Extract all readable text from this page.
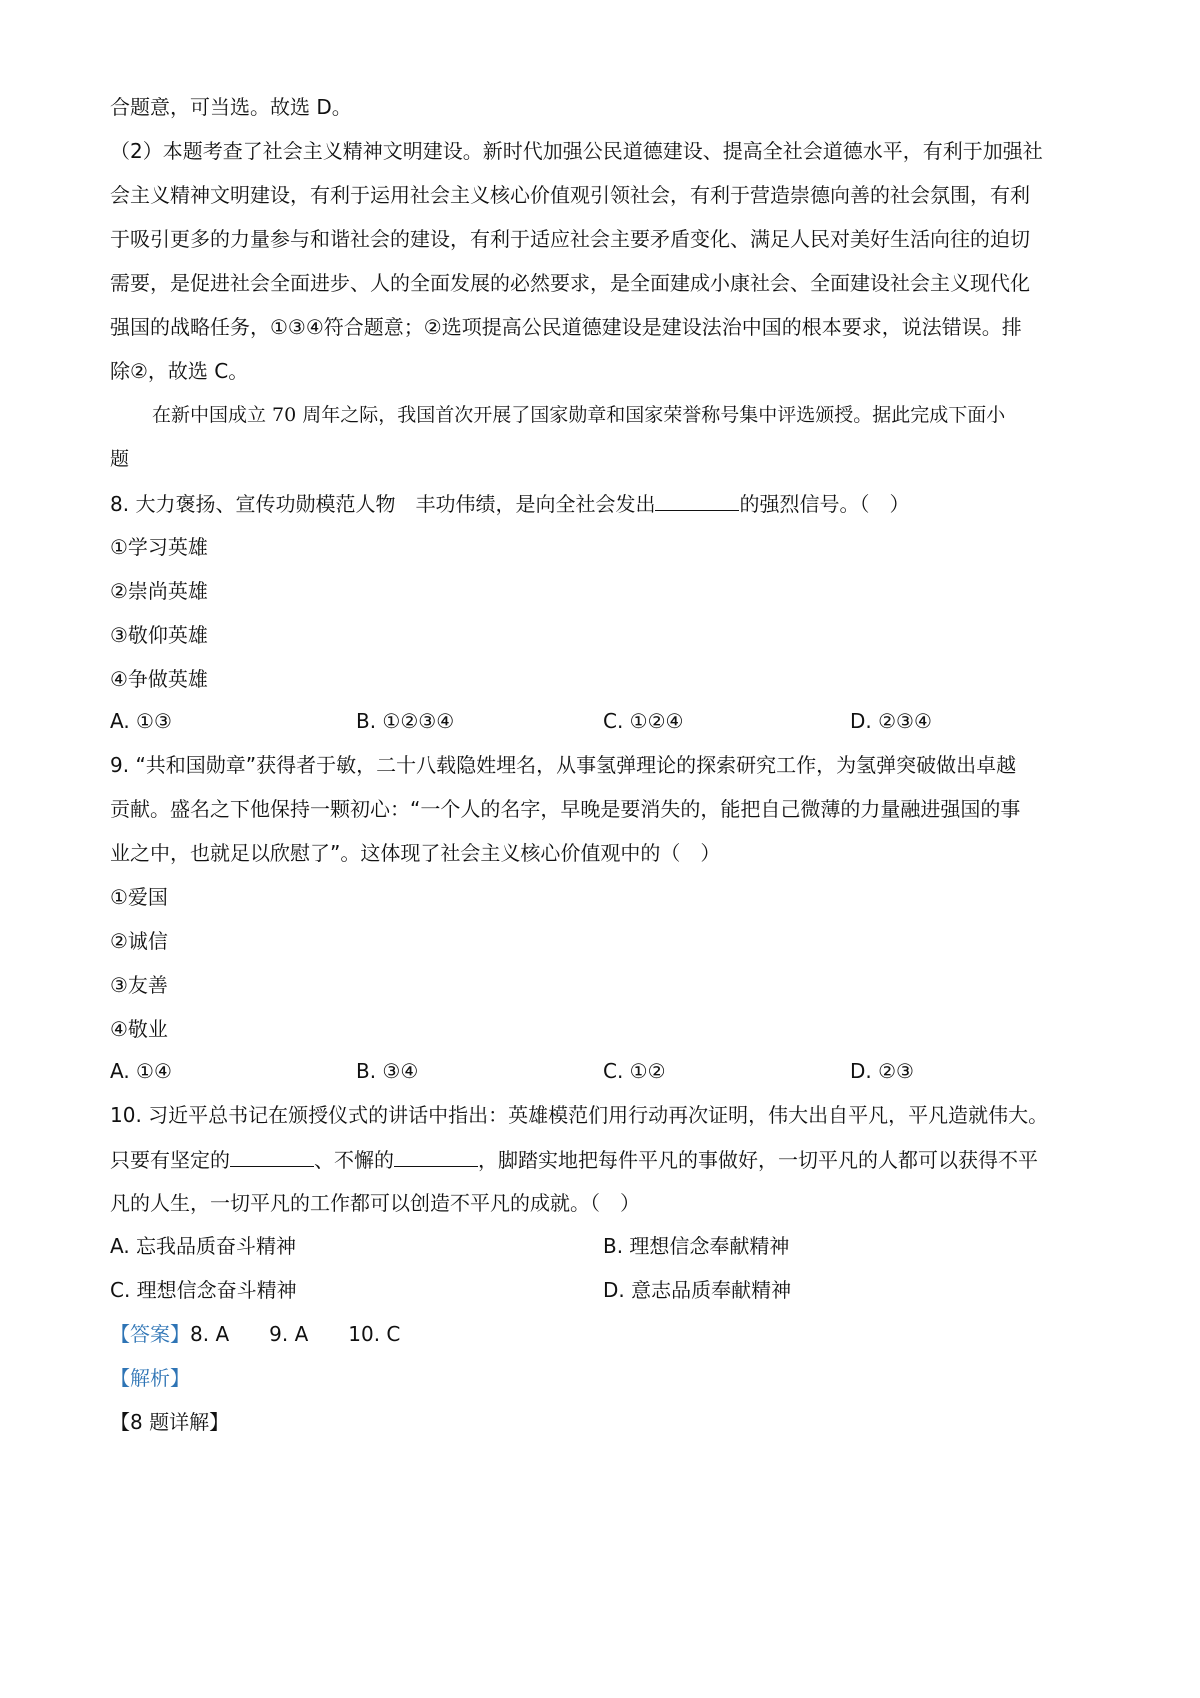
合题意，可当选。故选 D。
（2）本题考查了社会主义精神文明建设。新时代加强公民道德建设、提高全社会道德水平，有利于加强社
会主义精神文明建设，有利于运用社会主义核心价值观引领社会，有利于营造崇德向善的社会氛围，有利
于吸引更多的力量参与和谐社会的建设，有利于适应社会主要矛盾变化、满足人民对美好生活向往的迫切
需要，是促进社会全面进步、人的全面发展的必然要求，是全面建成小康社会、全面建设社会主义现代化
强国的战略任务，①③④符合题意；②选项提高公民道德建设是建设法治中国的根本要求，说法错误。排
除②，故选 C。
在新中国成立 70 周年之际，我国首次开展了国家勋章和国家荣誉称号集中评选颁授。据此完成下面小
题
8. 大力褒扬、宣传功勋模范人物　丰功伟绩，是向全社会发出	的强烈信号。（　）
①学习英雄
②崇尚英雄
③敬仰英雄
④争做英雄
A. ①③	B. ①②③④	C. ①②④	D. ②③④
9. “共和国勋章”获得者于敏，二十八载隐姓埋名，从事氢弹理论的探索研究工作，为氢弹突破做出卓越
贡献。盛名之下他保持一颗初心：“一个人的名字，早晚是要消失的，能把自己微薄的力量融进强国的事
业之中，也就足以欣慰了”。这体现了社会主义核心价值观中的（　）
①爱国
②诚信
③友善
④敬业
A. ①④	B. ③④	C. ①②	D. ②③
10. 习近平总书记在颁授仪式的讲话中指出：英雄模范们用行动再次证明，伟大出自平凡，平凡造就伟大。
只要有坚定的	、不懈的	，脚踏实地把每件平凡的事做好，一切平凡的人都可以获得不平
凡的人生，一切平凡的工作都可以创造不平凡的成就。（　）
A. 忘我品质奋斗精神	B. 理想信念奉献精神
C. 理想信念奋斗精神	D. 意志品质奉献精神
【答案】8. A 9. A 10. C
【解析】
【8 题详解】
